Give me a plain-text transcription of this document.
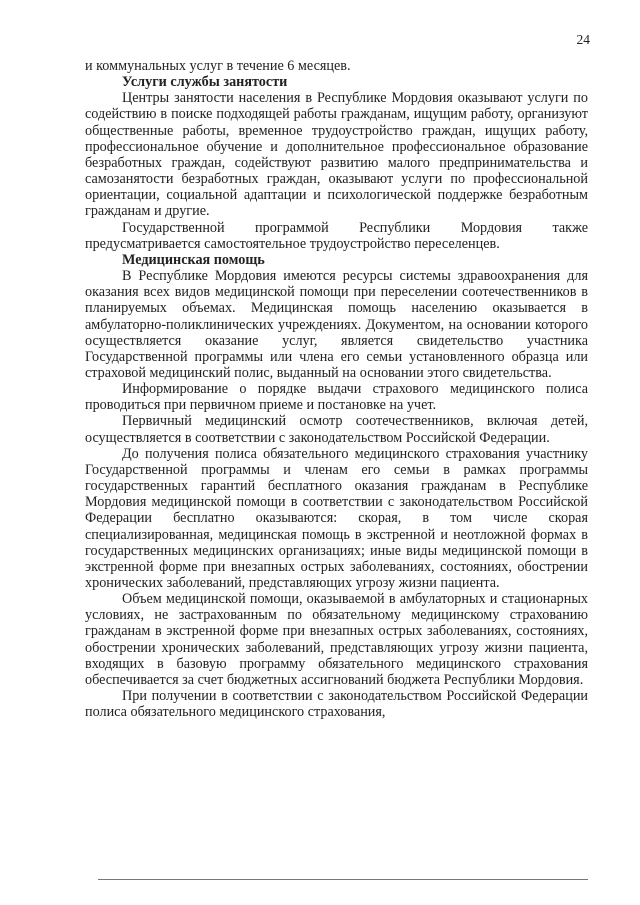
24

и коммунальных услуг в течение 6 месяцев.

Услуги службы занятости

Центры занятости населения в Республике Мордовия оказывают услуги по содействию в поиске подходящей работы гражданам, ищущим работу, организуют общественные работы, временное трудоустройство граждан, ищущих работу, профессиональное обучение и дополнительное профессиональное образование безработных граждан, содействуют развитию малого предпринимательства и самозанятости безработных граждан, оказывают услуги по профессиональной ориентации, социальной адаптации и психологической поддержке безработным гражданам и другие.

Государственной программой Республики Мордовия также предусматривается самостоятельное трудоустройство переселенцев.

Медицинская помощь

В Республике Мордовия имеются ресурсы системы здравоохранения для оказания всех видов медицинской помощи при переселении соотечественников в планируемых объемах. Медицинская помощь населению оказывается в амбулаторно-поликлинических учреждениях. Документом, на основании которого осуществляется оказание услуг, является свидетельство участника Государственной программы или члена его семьи установленного образца или страховой медицинский полис, выданный на основании этого свидетельства.

Информирование о порядке выдачи страхового медицинского полиса проводиться при первичном приеме и постановке на учет.

Первичный медицинский осмотр соотечественников, включая детей, осуществляется в соответствии с законодательством Российской Федерации.

До получения полиса обязательного медицинского страхования участнику Государственной программы и членам его семьи в рамках программы государственных гарантий бесплатного оказания гражданам в Республике Мордовия медицинской помощи в соответствии с законодательством Российской Федерации бесплатно оказываются: скорая, в том числе скорая специализированная, медицинская помощь в экстренной и неотложной формах в государственных медицинских организациях; иные виды медицинской помощи в экстренной форме при внезапных острых заболеваниях, состояниях, обострении хронических заболеваний, представляющих угрозу жизни пациента.

Объем медицинской помощи, оказываемой в амбулаторных и стационарных условиях, не застрахованным по обязательному медицинскому страхованию гражданам в экстренной форме при внезапных острых заболеваниях, состояниях, обострении хронических заболеваний, представляющих угрозу жизни пациента, входящих в базовую программу обязательного медицинского страхования обеспечивается за счет бюджетных ассигнований бюджета Республики Мордовия.

При получении в соответствии с законодательством Российской Федерации полиса обязательного медицинского страхования,
